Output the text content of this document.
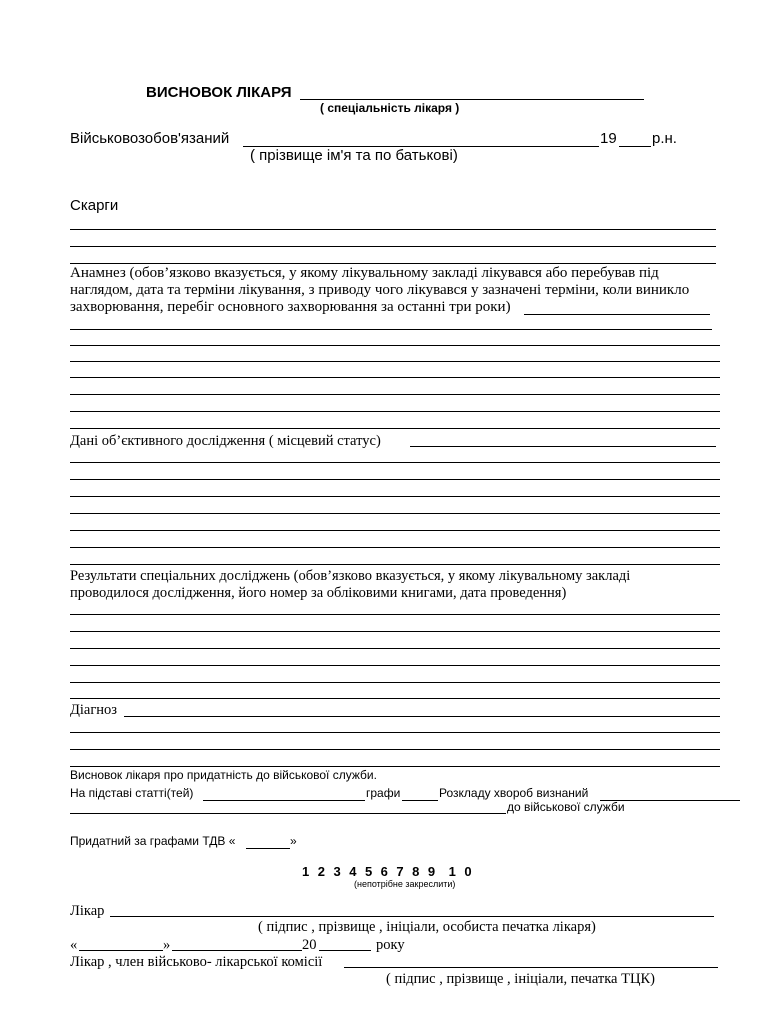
ВИСНОВОК ЛІКАРЯ
( спеціальність лікаря )
Військовозобов'язаний	19 р.н.
( прізвище ім'я та по батькові)
Скарги
Анамнез (обов’язково вказується, у якому лікувальному закладі лікувався або перебував під
наглядом, дата та терміни лікування, з приводу чого лікувався у зазначені терміни, коли виникло
захворювання, перебіг основного захворювання за останні три роки)
Дані об’єктивного дослідження ( місцевий статус)
Результати спеціальних досліджень (обов’язково вказується, у якому лікувальному закладі
проводилося дослідження, його номер за обліковими книгами, дата проведення)
Діагноз
Висновок лікаря про придатність до військової служби.
На підставі статті(тей)	графи	Розкладу хвороб визнаний
до військової служби
Придатний за графами ТДВ «	»
1 2 3 4 5 6 7 8 9 1 0
(непотрібне закреслити)
Лікар
( підпис , прізвище , ініціали, особиста печатка лікаря)
«	»	20	року
Лікар , член військово- лікарської комісії
( підпис , прізвище , ініціали, печатка ТЦК)
